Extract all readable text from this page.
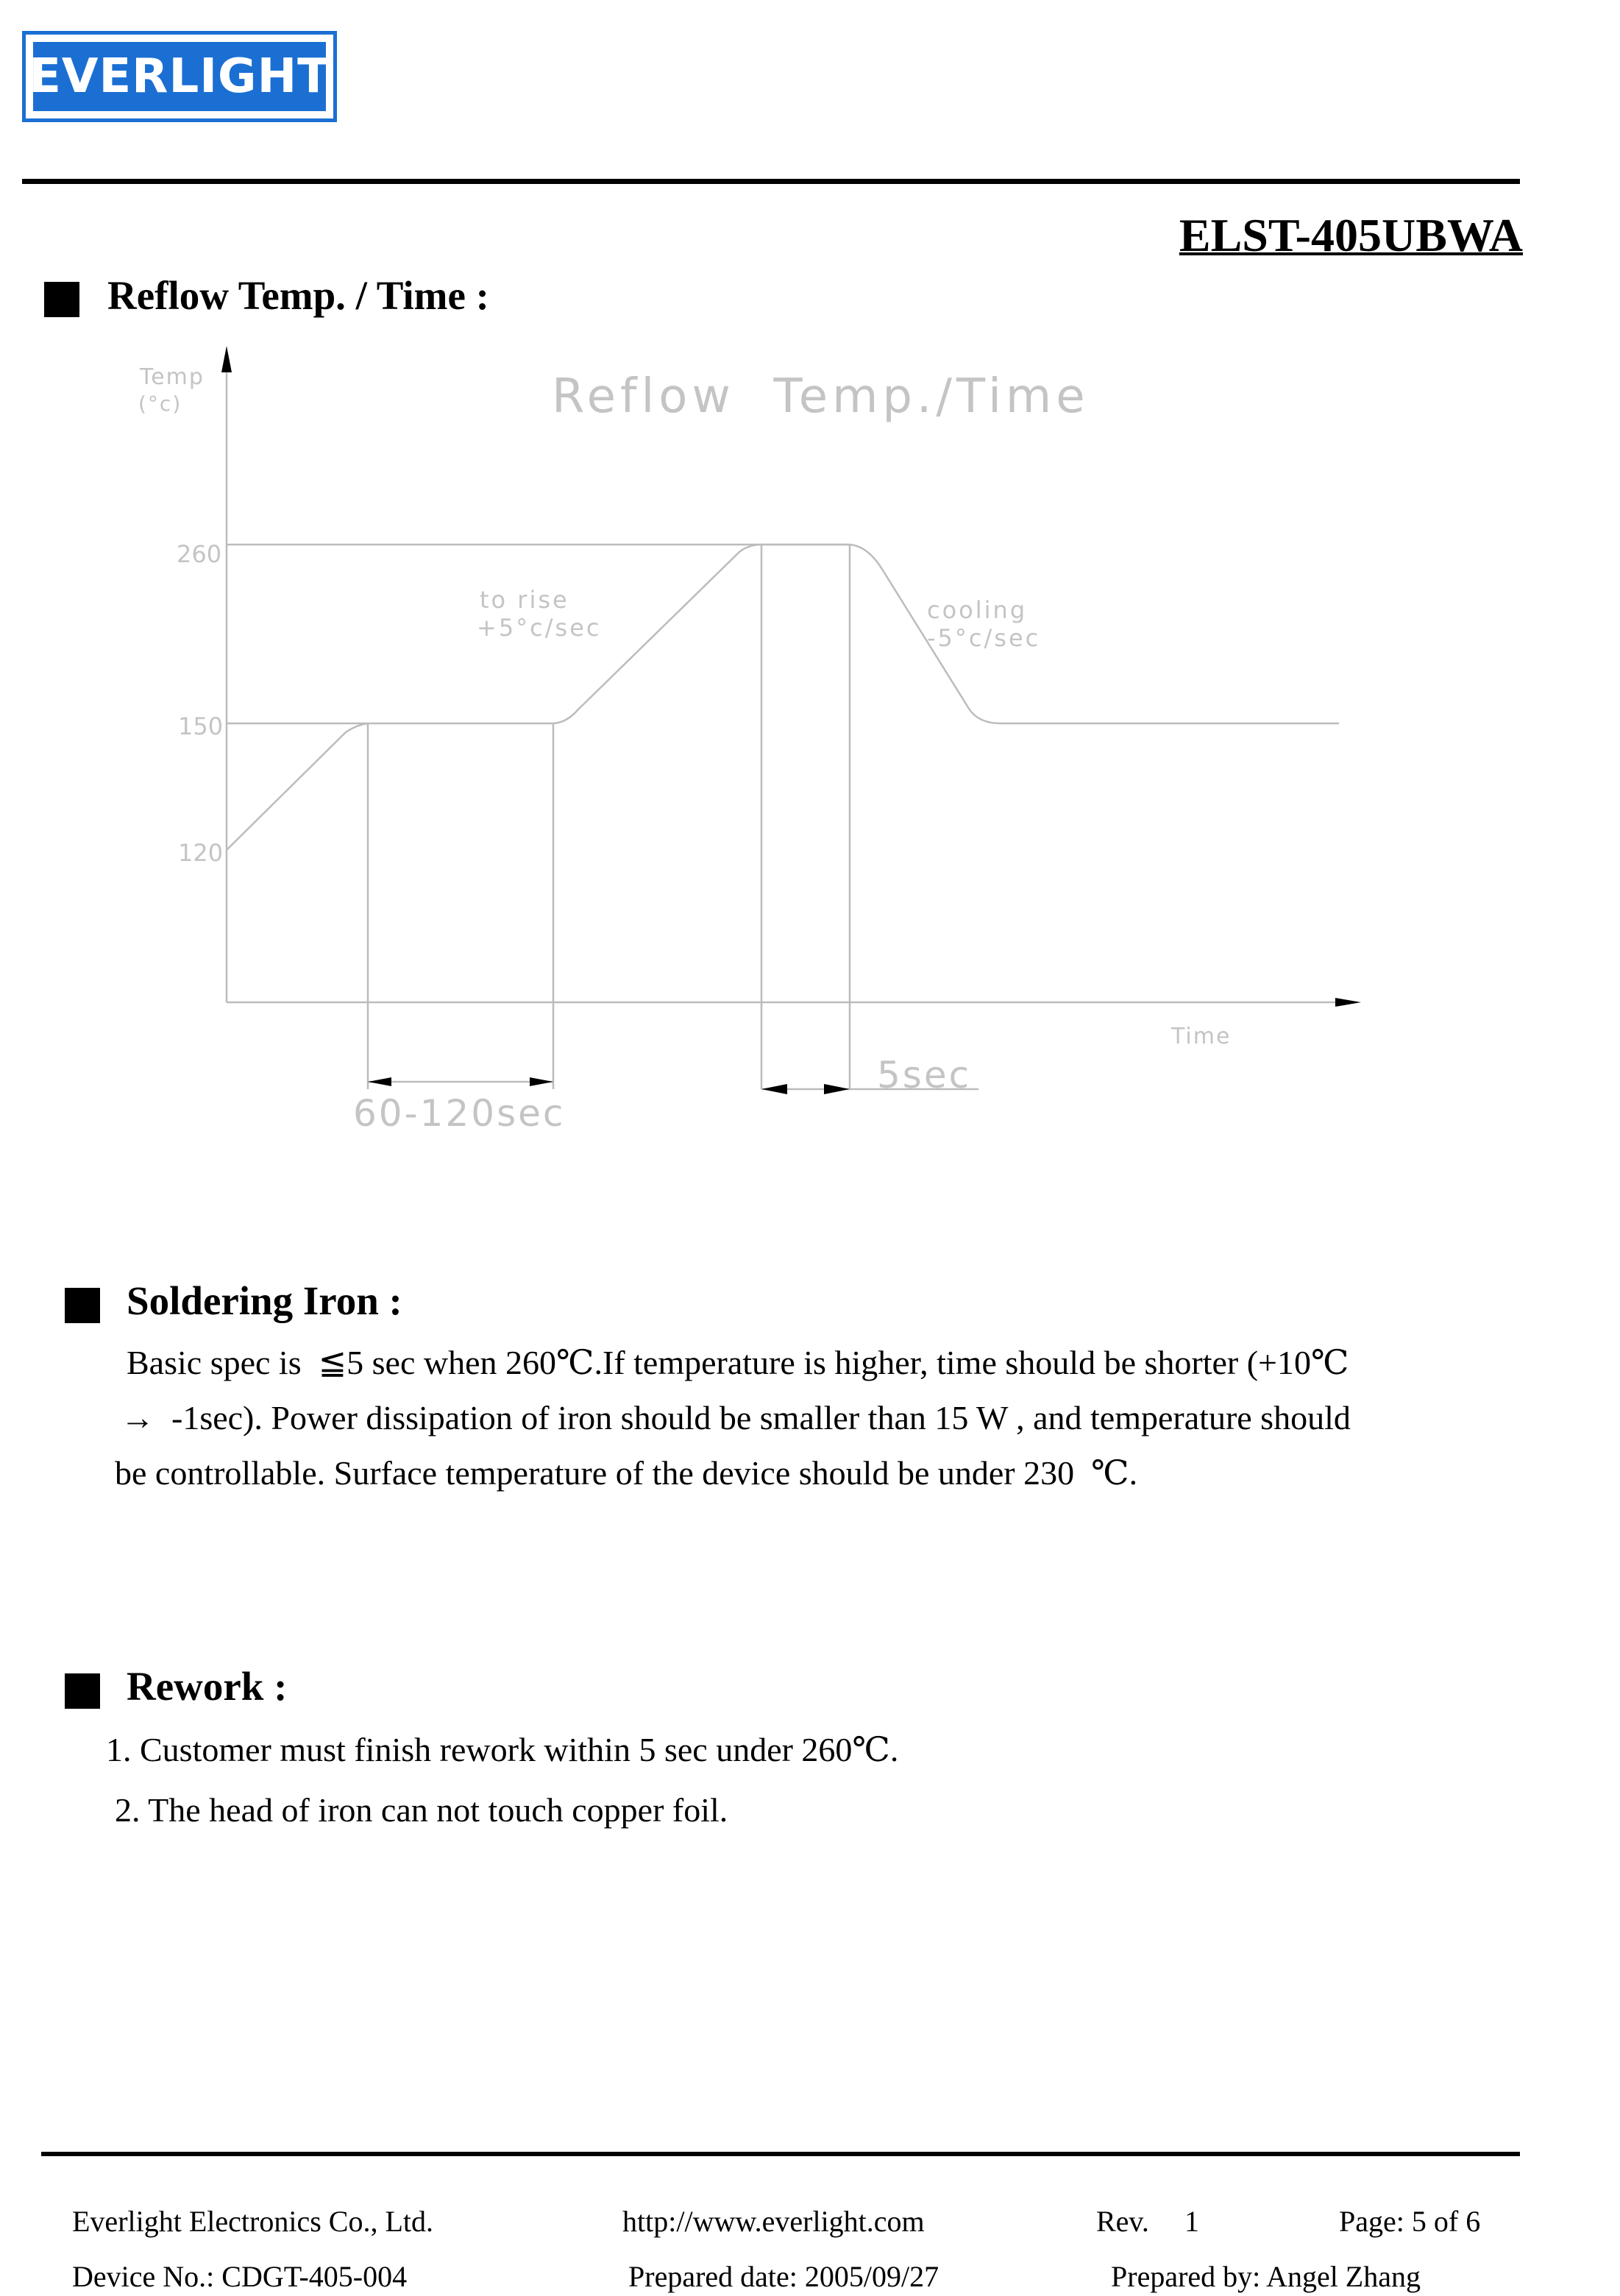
EVERLIGHT
ELST-405UBWA
Reflow Temp. / Time :
Reflow  Temp./Time
Temp
(°c)
260
150
120
to rise
+5°c/sec
cooling
-5°c/sec
Time
60-120sec
5sec
Soldering Iron :
Basic spec is  ≦5 sec when 260℃.If temperature is higher, time should be shorter (+10℃
→  -1sec). Power dissipation of iron should be smaller than 15 W , and temperature should
be controllable. Surface temperature of the device should be under 230  ℃.
Rework :
1. Customer must finish rework within 5 sec under 260℃.
2. The head of iron can not touch copper foil.
Everlight Electronics Co., Ltd.	http://www.everlight.com	Rev. 1	Page: 5 of 6
Device No.: CDGT-405-004	Prepared date: 2005/09/27	Prepared by: Angel Zhang
